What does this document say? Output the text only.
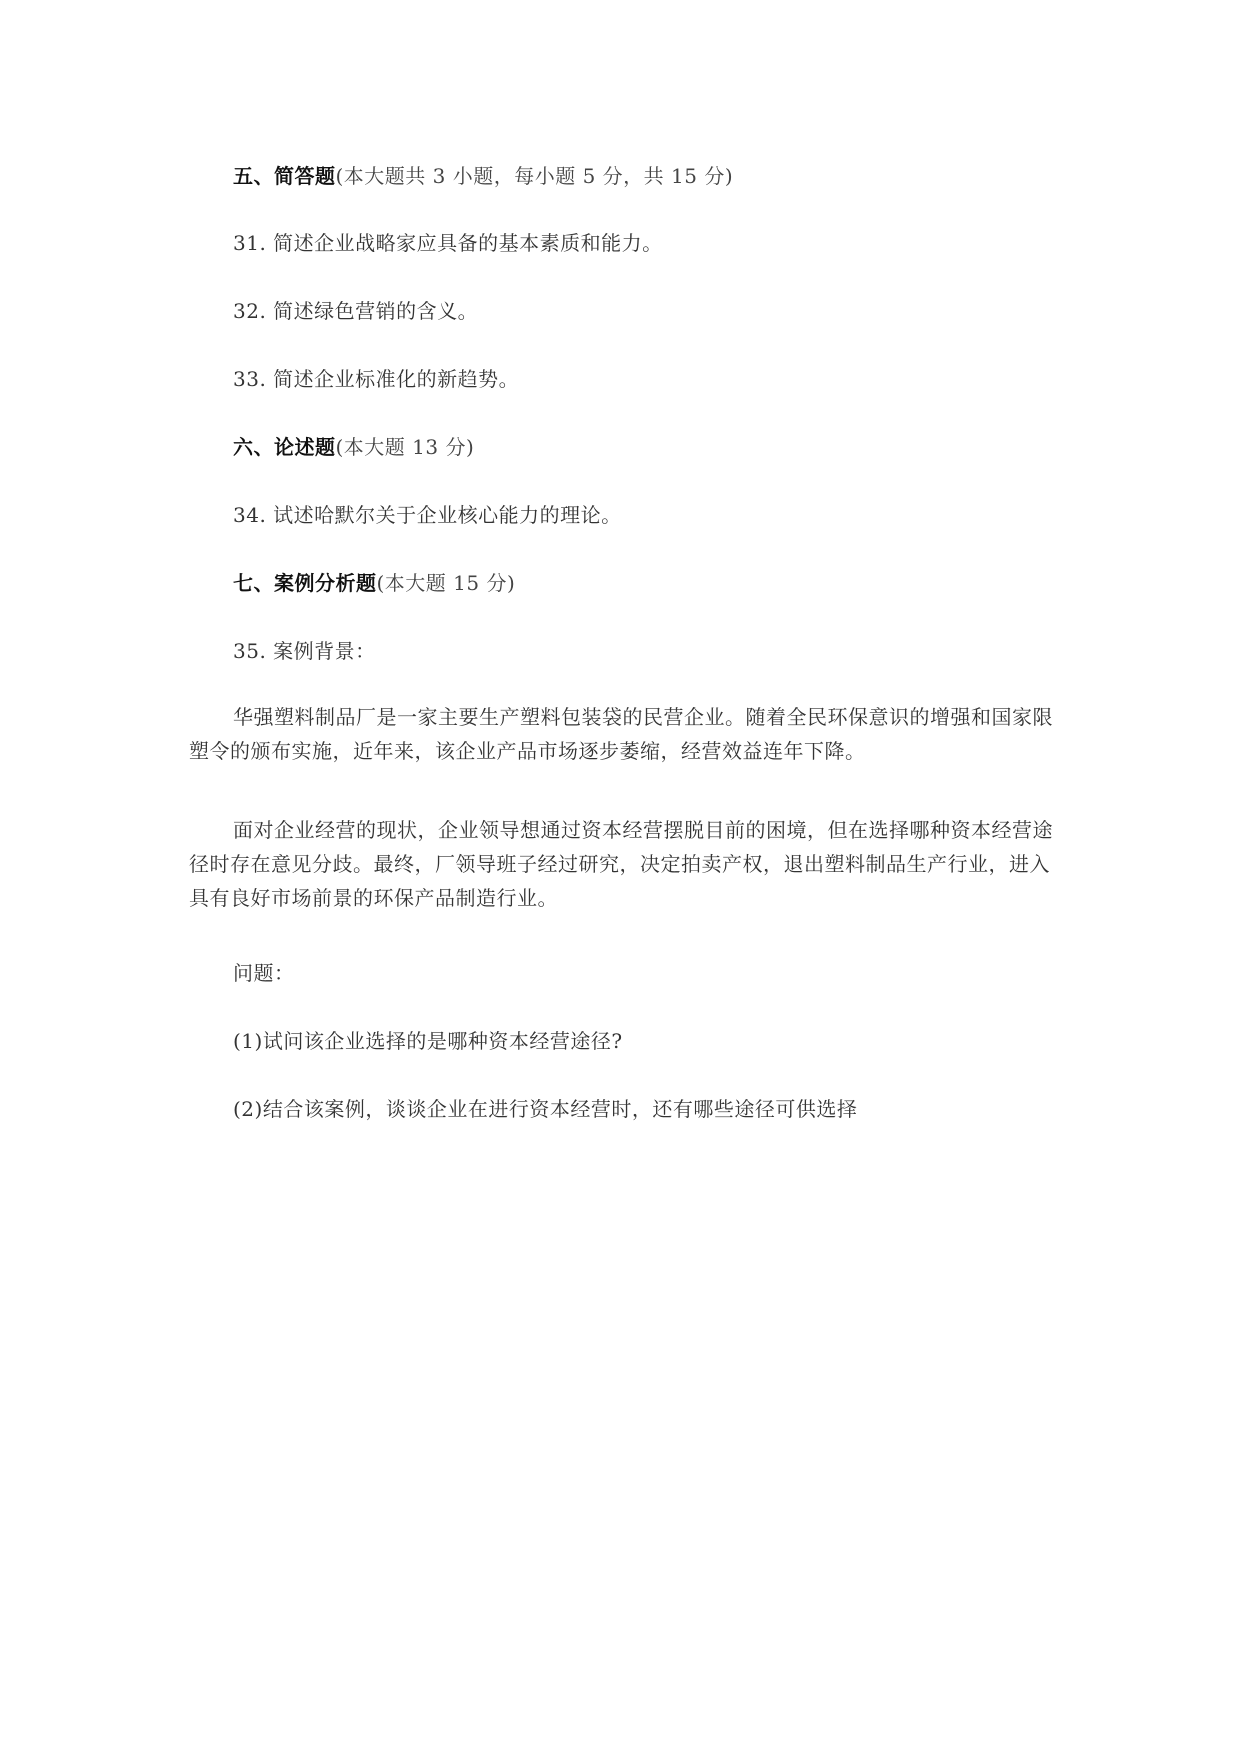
五、简答题(本大题共 3 小题，每小题 5 分，共 15 分)
31. 简述企业战略家应具备的基本素质和能力。
32. 简述绿色营销的含义。
33. 简述企业标准化的新趋势。
六、论述题(本大题 13 分)
34. 试述哈默尔关于企业核心能力的理论。
七、案例分析题(本大题 15 分)
35. 案例背景：

华强塑料制品厂是一家主要生产塑料包装袋的民营企业。随着全民环保意识的增强和国家限塑令的颁布实施，近年来，该企业产品市场逐步萎缩，经营效益连年下降。

面对企业经营的现状，企业领导想通过资本经营摆脱目前的困境，但在选择哪种资本经营途径时存在意见分歧。最终，厂领导班子经过研究，决定拍卖产权，退出塑料制品生产行业，进入具有良好市场前景的环保产品制造行业。

问题：
(1)试问该企业选择的是哪种资本经营途径?
(2)结合该案例，谈谈企业在进行资本经营时，还有哪些途径可供选择
